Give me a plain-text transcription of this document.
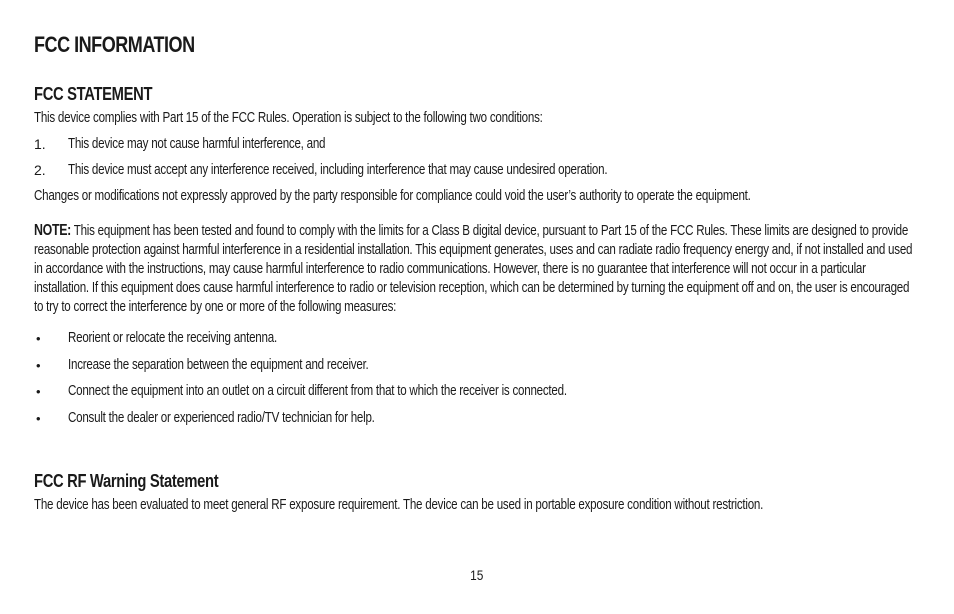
FCC INFORMATION
FCC STATEMENT
This device complies with Part 15 of the FCC Rules. Operation is subject to the following two conditions:
1. This device may not cause harmful interference, and
2. This device must accept any interference received, including interference that may cause undesired operation.
Changes or modifications not expressly approved by the party responsible for compliance could void the user’s authority to operate the equipment.
NOTE: This equipment has been tested and found to comply with the limits for a Class B digital device, pursuant to Part 15 of the FCC Rules. These limits are designed to provide reasonable protection against harmful interference in a residential installation. This equipment generates, uses and can radiate radio frequency energy and, if not installed and used in accordance with the instructions, may cause harmful interference to radio communications. However, there is no guarantee that interference will not occur in a particular installation. If this equipment does cause harmful interference to radio or television reception, which can be determined by turning the equipment off and on, the user is encouraged to try to correct the interference by one or more of the following measures:
• Reorient or relocate the receiving antenna.
• Increase the separation between the equipment and receiver.
• Connect the equipment into an outlet on a circuit different from that to which the receiver is connected.
• Consult the dealer or experienced radio/TV technician for help.
FCC RF Warning Statement
The device has been evaluated to meet general RF exposure requirement. The device can be used in portable exposure condition without restriction.
15
